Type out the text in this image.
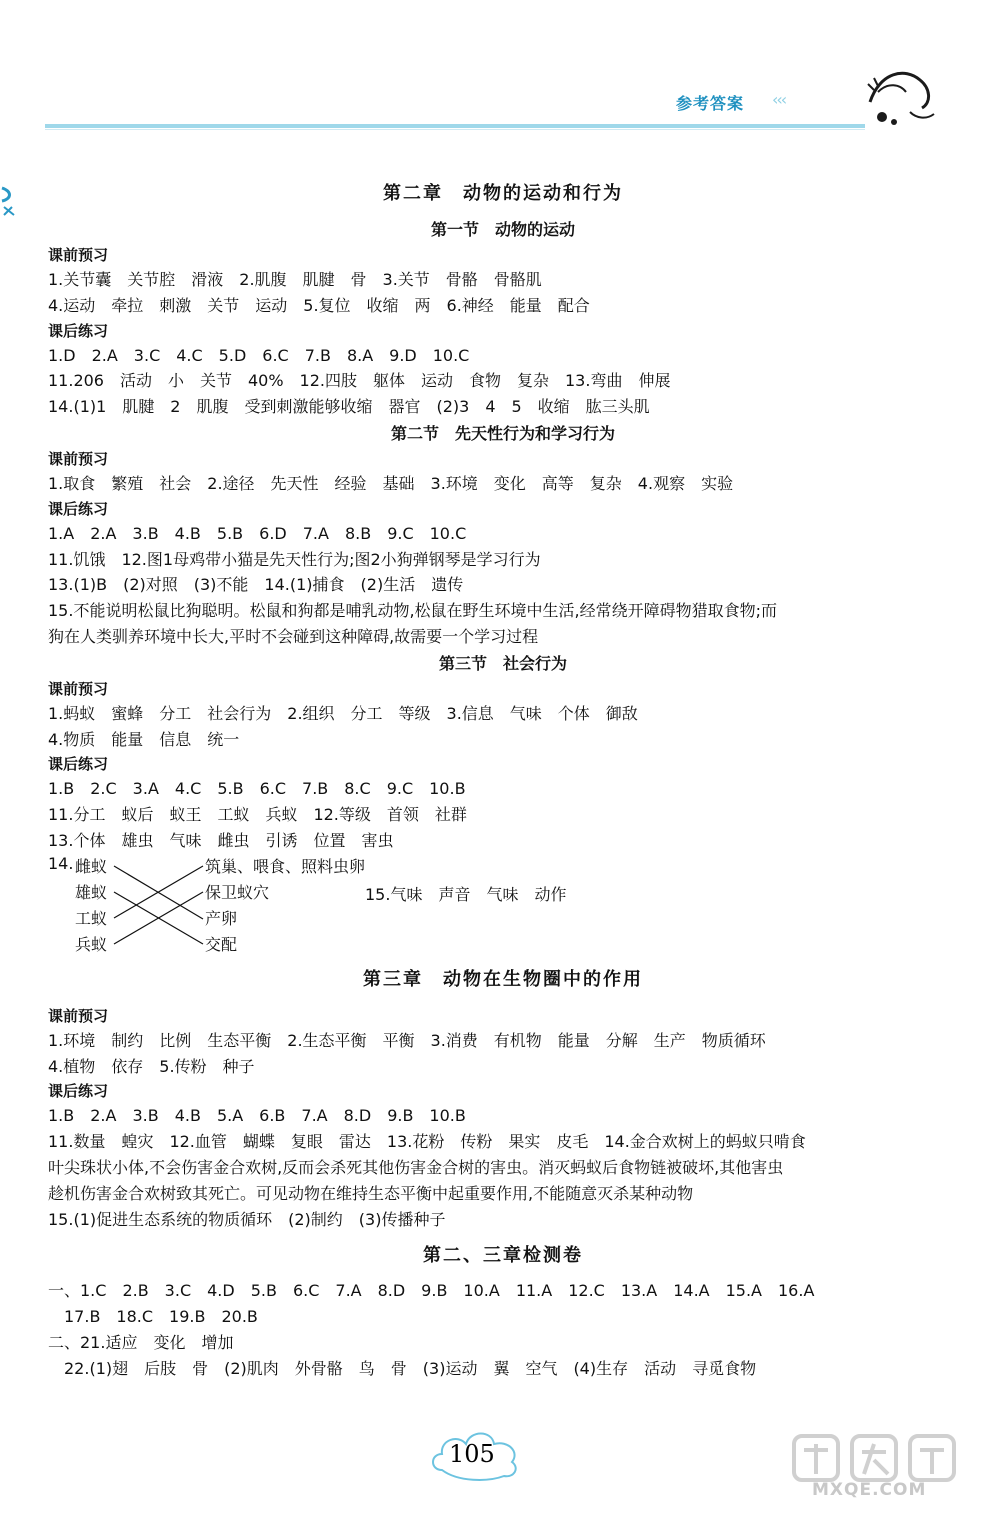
参考答案 ‹‹‹
第二章　动物的运动和行为
第一节　动物的运动
课前预习
1.关节囊　关节腔　滑液　2.肌腹　肌腱　骨　3.关节　骨骼　骨骼肌
4.运动　牵拉　刺激　关节　运动　5.复位　收缩　两　6.神经　能量　配合
课后练习
1.D　2.A　3.C　4.C　5.D　6.C　7.B　8.A　9.D　10.C
11.206　活动　小　关节　40%　12.四肢　躯体　运动　食物　复杂　13.弯曲　伸展
14.(1)1　肌腱　2　肌腹　受到刺激能够收缩　器官　(2)3　4　5　收缩　肱三头肌
第二节　先天性行为和学习行为
课前预习
1.取食　繁殖　社会　2.途径　先天性　经验　基础　3.环境　变化　高等　复杂　4.观察　实验
课后练习
1.A　2.A　3.B　4.B　5.B　6.D　7.A　8.B　9.C　10.C
11.饥饿　12.图1母鸡带小猫是先天性行为;图2小狗弹钢琴是学习行为
13.(1)B　(2)对照　(3)不能　14.(1)捕食　(2)生活　遗传
15.不能说明松鼠比狗聪明。松鼠和狗都是哺乳动物,松鼠在野生环境中生活,经常绕开障碍物猎取食物;而
狗在人类驯养环境中长大,平时不会碰到这种障碍,故需要一个学习过程
第三节　社会行为
课前预习
1.蚂蚁　蜜蜂　分工　社会行为　2.组织　分工　等级　3.信息　气味　个体　御敌
4.物质　能量　信息　统一
课后练习
1.B　2.C　3.A　4.C　5.B　6.C　7.B　8.C　9.C　10.B
11.分工　蚁后　蚁王　工蚁　兵蚁　12.等级　首领　社群
13.个体　雄虫　气味　雌虫　引诱　位置　害虫
14. 雌蚁
雄蚁
工蚁
兵蚁
筑巢、喂食、照料虫卵
保卫蚁穴
产卵
交配
15.气味　声音　气味　动作
第三章　动物在生物圈中的作用
课前预习
1.环境　制约　比例　生态平衡　2.生态平衡　平衡　3.消费　有机物　能量　分解　生产　物质循环
4.植物　依存　5.传粉　种子
课后练习
1.B　2.A　3.B　4.B　5.A　6.B　7.A　8.D　9.B　10.B
11.数量　蝗灾　12.血管　蝴蝶　复眼　雷达　13.花粉　传粉　果实　皮毛　14.金合欢树上的蚂蚁只啃食
叶尖珠状小体,不会伤害金合欢树,反而会杀死其他伤害金合树的害虫。消灭蚂蚁后食物链被破坏,其他害虫
趁机伤害金合欢树致其死亡。可见动物在维持生态平衡中起重要作用,不能随意灭杀某种动物
15.(1)促进生态系统的物质循环　(2)制约　(3)传播种子
第二、三章检测卷
一、1.C　2.B　3.C　4.D　5.B　6.C　7.A　8.D　9.B　10.A　11.A　12.C　13.A　14.A　15.A　16.A
　17.B　18.C　19.B　20.B
二、21.适应　变化　增加
　22.(1)翅　后肢　骨　(2)肌肉　外骨骼　鸟　骨　(3)运动　翼　空气　(4)生存　活动　寻觅食物
105
MXQE.COM
